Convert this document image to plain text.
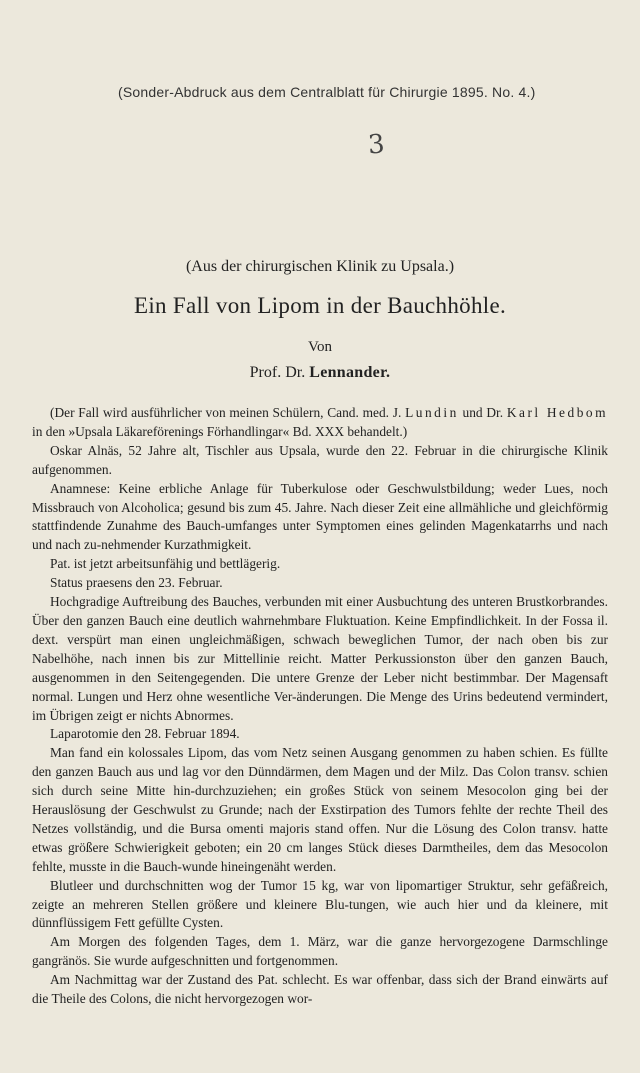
(Sonder-Abdruck aus dem Centralblatt für Chirurgie 1895. No. 4.)
3
(Aus der chirurgischen Klinik zu Upsala.)
Ein Fall von Lipom in der Bauchhöhle.
Von
Prof. Dr. Lennander.

(Der Fall wird ausführlicher von meinen Schülern, Cand. med. J. Lundin und Dr. Karl Hedbom in den »Upsala Läkareförenings Förhandlingar« Bd. XXX behandelt.)

Oskar Alnäs, 52 Jahre alt, Tischler aus Upsala, wurde den 22. Februar in die chirurgische Klinik aufgenommen.

Anamnese: Keine erbliche Anlage für Tuberkulose oder Geschwulstbildung; weder Lues, noch Missbrauch von Alcoholica; gesund bis zum 45. Jahre. Nach dieser Zeit eine allmähliche und gleichförmig stattfindende Zunahme des Bauch-umfanges unter Symptomen eines gelinden Magenkatarrhs und nach und nach zu-nehmender Kurzathmigkeit.

Pat. ist jetzt arbeitsunfähig und bettlägerig.

Status praesens den 23. Februar.

Hochgradige Auftreibung des Bauches, verbunden mit einer Ausbuchtung des unteren Brustkorbrandes. Über den ganzen Bauch eine deutlich wahrnehmbare Fluktuation. Keine Empfindlichkeit. In der Fossa il. dext. verspürt man einen ungleichmäßigen, schwach beweglichen Tumor, der nach oben bis zur Nabelhöhe, nach innen bis zur Mittellinie reicht. Matter Perkussionston über den ganzen Bauch, ausgenommen in den Seitengegenden. Die untere Grenze der Leber nicht bestimmbar. Der Magensaft normal. Lungen und Herz ohne wesentliche Ver-änderungen. Die Menge des Urins bedeutend vermindert, im Übrigen zeigt er nichts Abnormes.

Laparotomie den 28. Februar 1894.

Man fand ein kolossales Lipom, das vom Netz seinen Ausgang genommen zu haben schien. Es füllte den ganzen Bauch aus und lag vor den Dünndärmen, dem Magen und der Milz. Das Colon transv. schien sich durch seine Mitte hin-durchzuziehen; ein großes Stück von seinem Mesocolon ging bei der Herauslösung der Geschwulst zu Grunde; nach der Exstirpation des Tumors fehlte der rechte Theil des Netzes vollständig, und die Bursa omenti majoris stand offen. Nur die Lösung des Colon transv. hatte etwas größere Schwierigkeit geboten; ein 20 cm langes Stück dieses Darmtheiles, dem das Mesocolon fehlte, musste in die Bauch-wunde hineingenäht werden.

Blutleer und durchschnitten wog der Tumor 15 kg, war von lipomartiger Struktur, sehr gefäßreich, zeigte an mehreren Stellen größere und kleinere Blu-tungen, wie auch hier und da kleinere, mit dünnflüssigem Fett gefüllte Cysten.

Am Morgen des folgenden Tages, dem 1. März, war die ganze hervorgezogene Darmschlinge gangränös. Sie wurde aufgeschnitten und fortgenommen.

Am Nachmittag war der Zustand des Pat. schlecht. Es war offenbar, dass sich der Brand einwärts auf die Theile des Colons, die nicht hervorgezogen wor-
